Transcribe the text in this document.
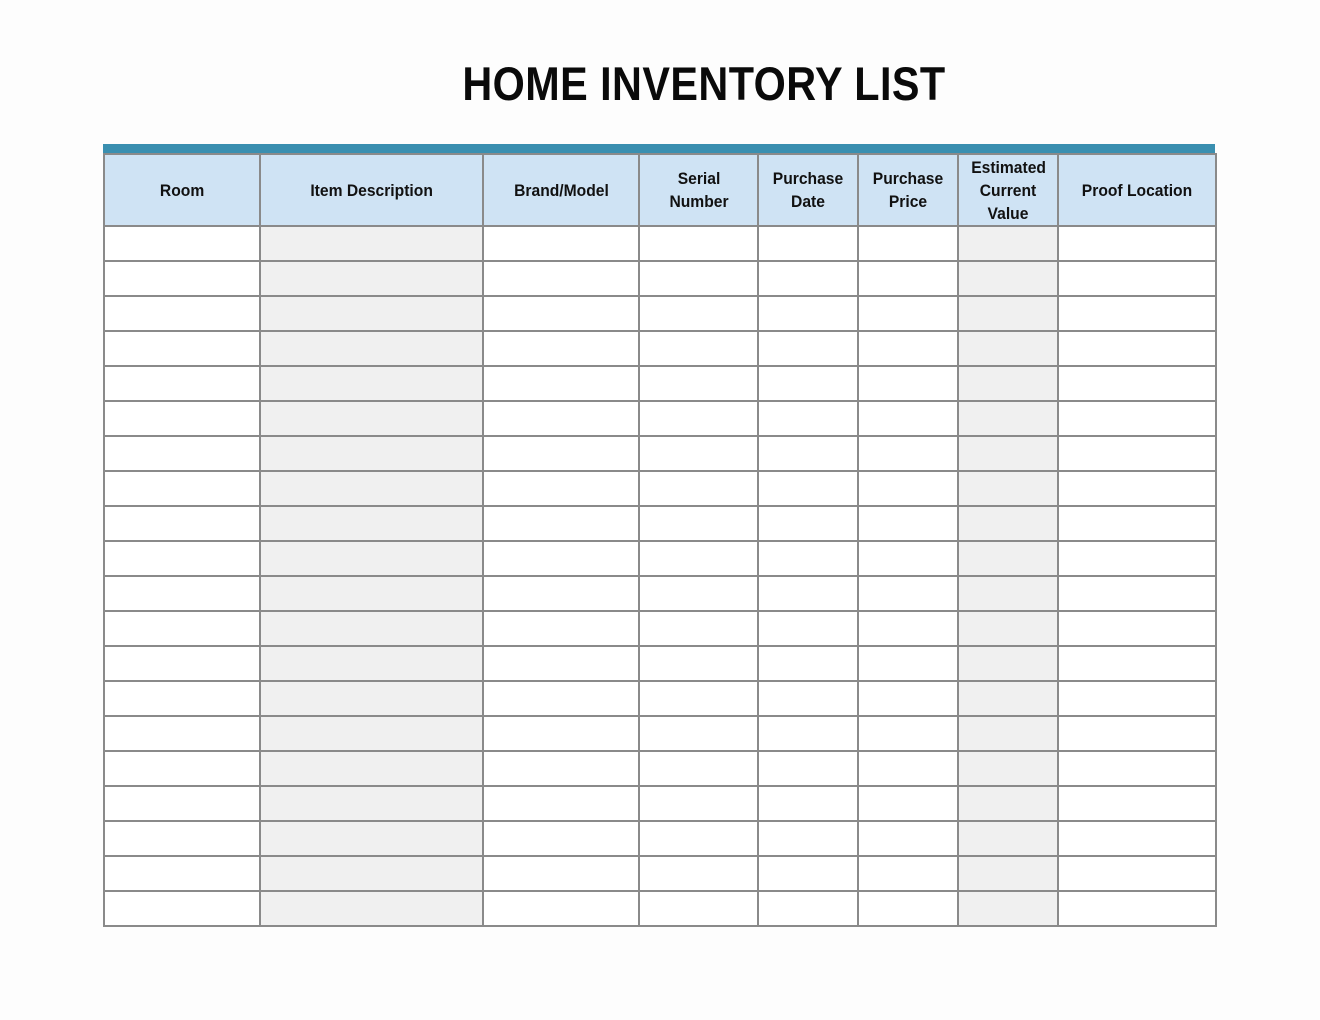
HOME INVENTORY LIST
Room	Item Description	Brand/Model	Serial Number	Purchase Date	Purchase Price	Estimated Current Value	Proof Location
